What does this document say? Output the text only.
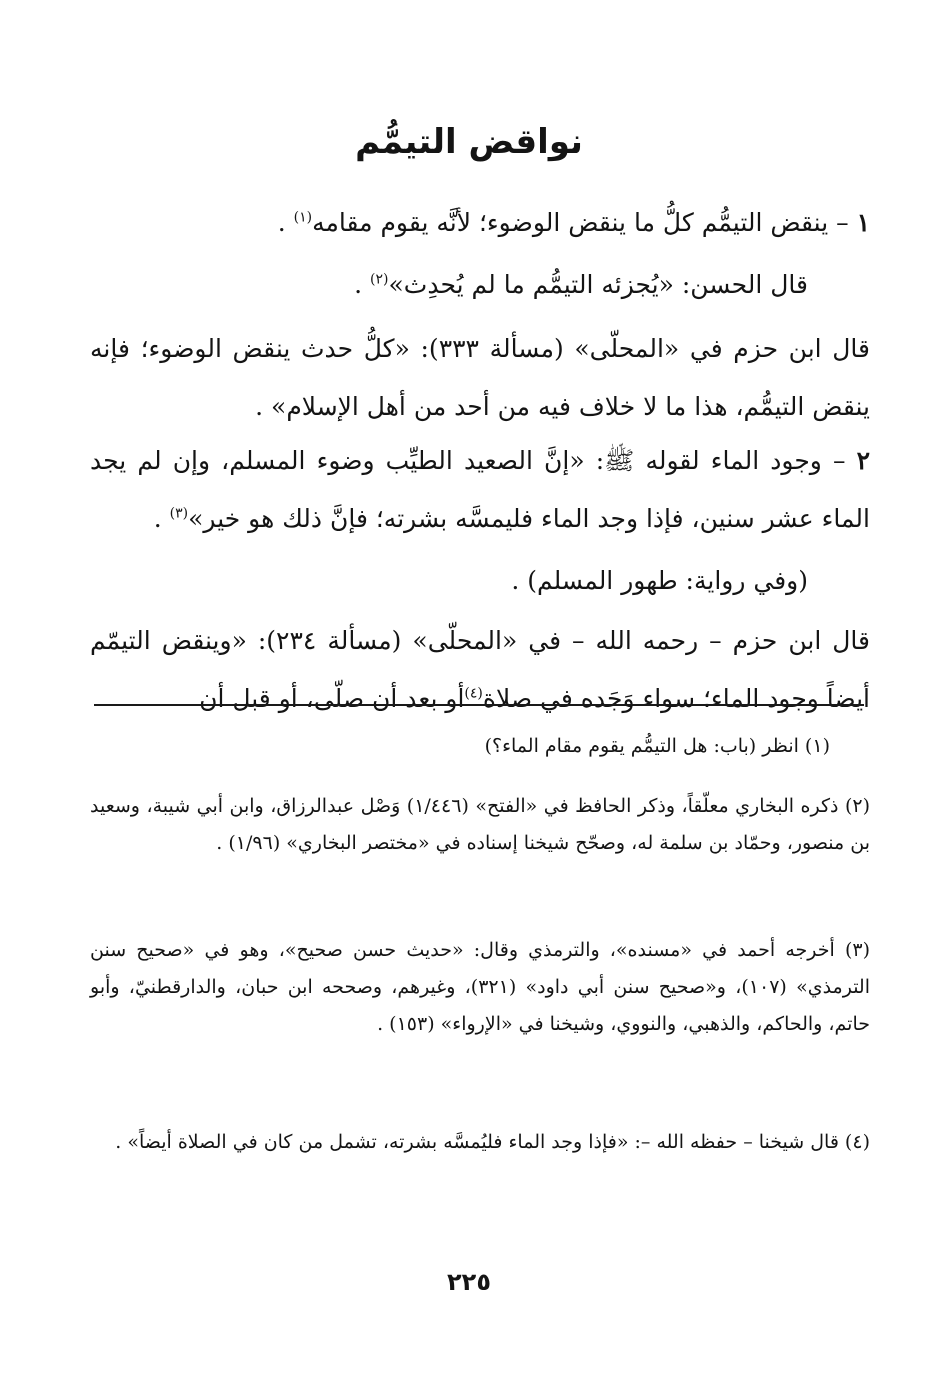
نواقض التيمُّم

١ – ينقض التيمُّم كلُّ ما ينقض الوضوء؛ لأنَّه يقوم مقامه$^{(١)}$ .

قال الحسن: «يُجزئه التيمُّم ما لم يُحدِث»$^{(٢)}$ .

قال ابن حزم في «المحلّى» (مسألة ٣٣٣): «كلُّ حدث ينقض الوضوء؛ فإنه ينقض التيمُّم، هذا ما لا خلاف فيه من أحد من أهل الإسلام» .

٢ – وجود الماء لقوله ﷺ: «إنَّ الصعيد الطيِّب وضوء المسلم، وإن لم يجد الماء عشر سنين، فإذا وجد الماء فليمسَّه بشرته؛ فإنَّ ذلك هو خير»$^{(٣)}$ .

(وفي رواية: طهور المسلم) .

قال ابن حزم – رحمه الله – في «المحلّى» (مسألة ٢٣٤): «وينقض التيمّم أيضاً وجود الماء؛ سواء وَجَده في صلاة$^{(٤)}$أو بعد أن صلّى، أو قبل أن

(١) انظر (باب: هل التيمُّم يقوم مقام الماء؟)

(٢) ذكره البخاري معلّقاً، وذكر الحافظ في «الفتح» (١/٤٤٦) وَصْل عبدالرزاق، وابن أبي شيبة، وسعيد بن منصور، وحمّاد بن سلمة له، وصحّح شيخنا إسناده في «مختصر البخاري» (١/٩٦) .

(٣) أخرجه أحمد في «مسنده»، والترمذي وقال: «حديث حسن صحيح»، وهو في «صحيح سنن الترمذي» (١٠٧)، و«صحيح سنن أبي داود» (٣٢١)، وغيرهم، وصححه ابن حبان، والدارقطنيّ، وأبو حاتم، والحاكم، والذهبي، والنووي، وشيخنا في «الإرواء» (١٥٣) .

(٤) قال شيخنا – حفظه الله –: «فإذا وجد الماء فليُمسَّه بشرته، تشمل من كان في الصلاة أيضاً» .

٢٢٥
